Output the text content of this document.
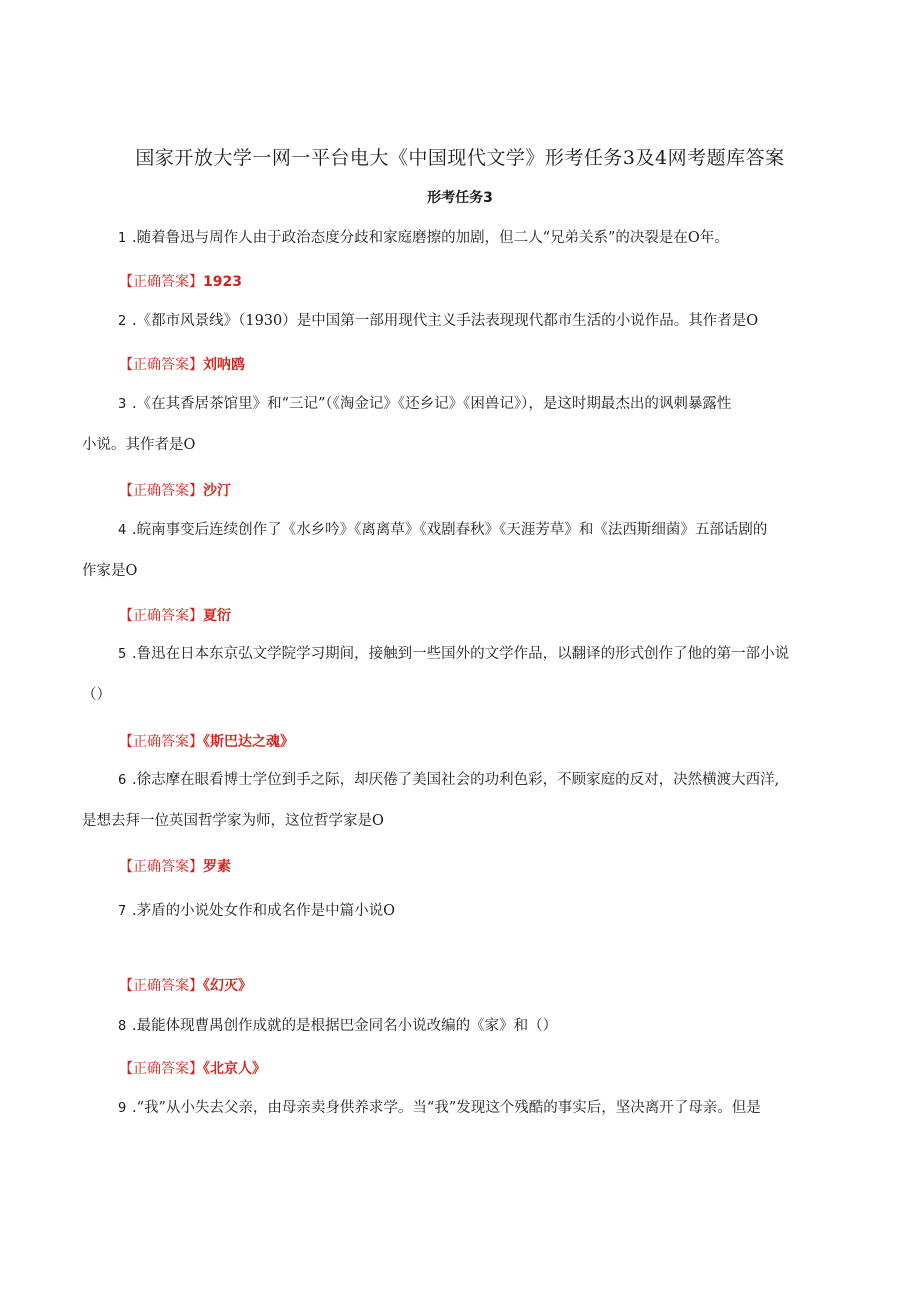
国家开放大学一网一平台电大《中国现代文学》形考任务3及4网考题库答案
形考任务3
1 .随着鲁迅与周作人由于政治态度分歧和家庭磨擦的加剧，但二人“兄弟关系”的决裂是在O年。
【正确答案】1923
2 .《都市风景线》（1930）是中国第一部用现代主义手法表现现代都市生活的小说作品。其作者是O
【正确答案】刘呐鸥
3 .《在其香居茶馆里》和“三记”（《淘金记》《还乡记》《困兽记》），是这时期最杰出的讽刺暴露性
小说。其作者是O
【正确答案】沙汀
4 .皖南事变后连续创作了《水乡吟》《离离草》《戏剧春秋》《天涯芳草》和《法西斯细菌》五部话剧的
作家是O
【正确答案】夏衍
5 .鲁迅在日本东京弘文学院学习期间，接触到一些国外的文学作品，以翻译的形式创作了他的第一部小说
（）
【正确答案】《斯巴达之魂》
6 .徐志摩在眼看博士学位到手之际，却厌倦了美国社会的功利色彩，不顾家庭的反对，决然横渡大西洋,
是想去拜一位英国哲学家为师，这位哲学家是O
【正确答案】罗素
7 .茅盾的小说处女作和成名作是中篇小说O
【正确答案】《幻灭》
8 .最能体现曹禺创作成就的是根据巴金同名小说改编的《家》和（）
【正确答案】《北京人》
9 .“我”从小失去父亲，由母亲卖身供养求学。当“我”发现这个残酷的事实后，坚决离开了母亲。但是
